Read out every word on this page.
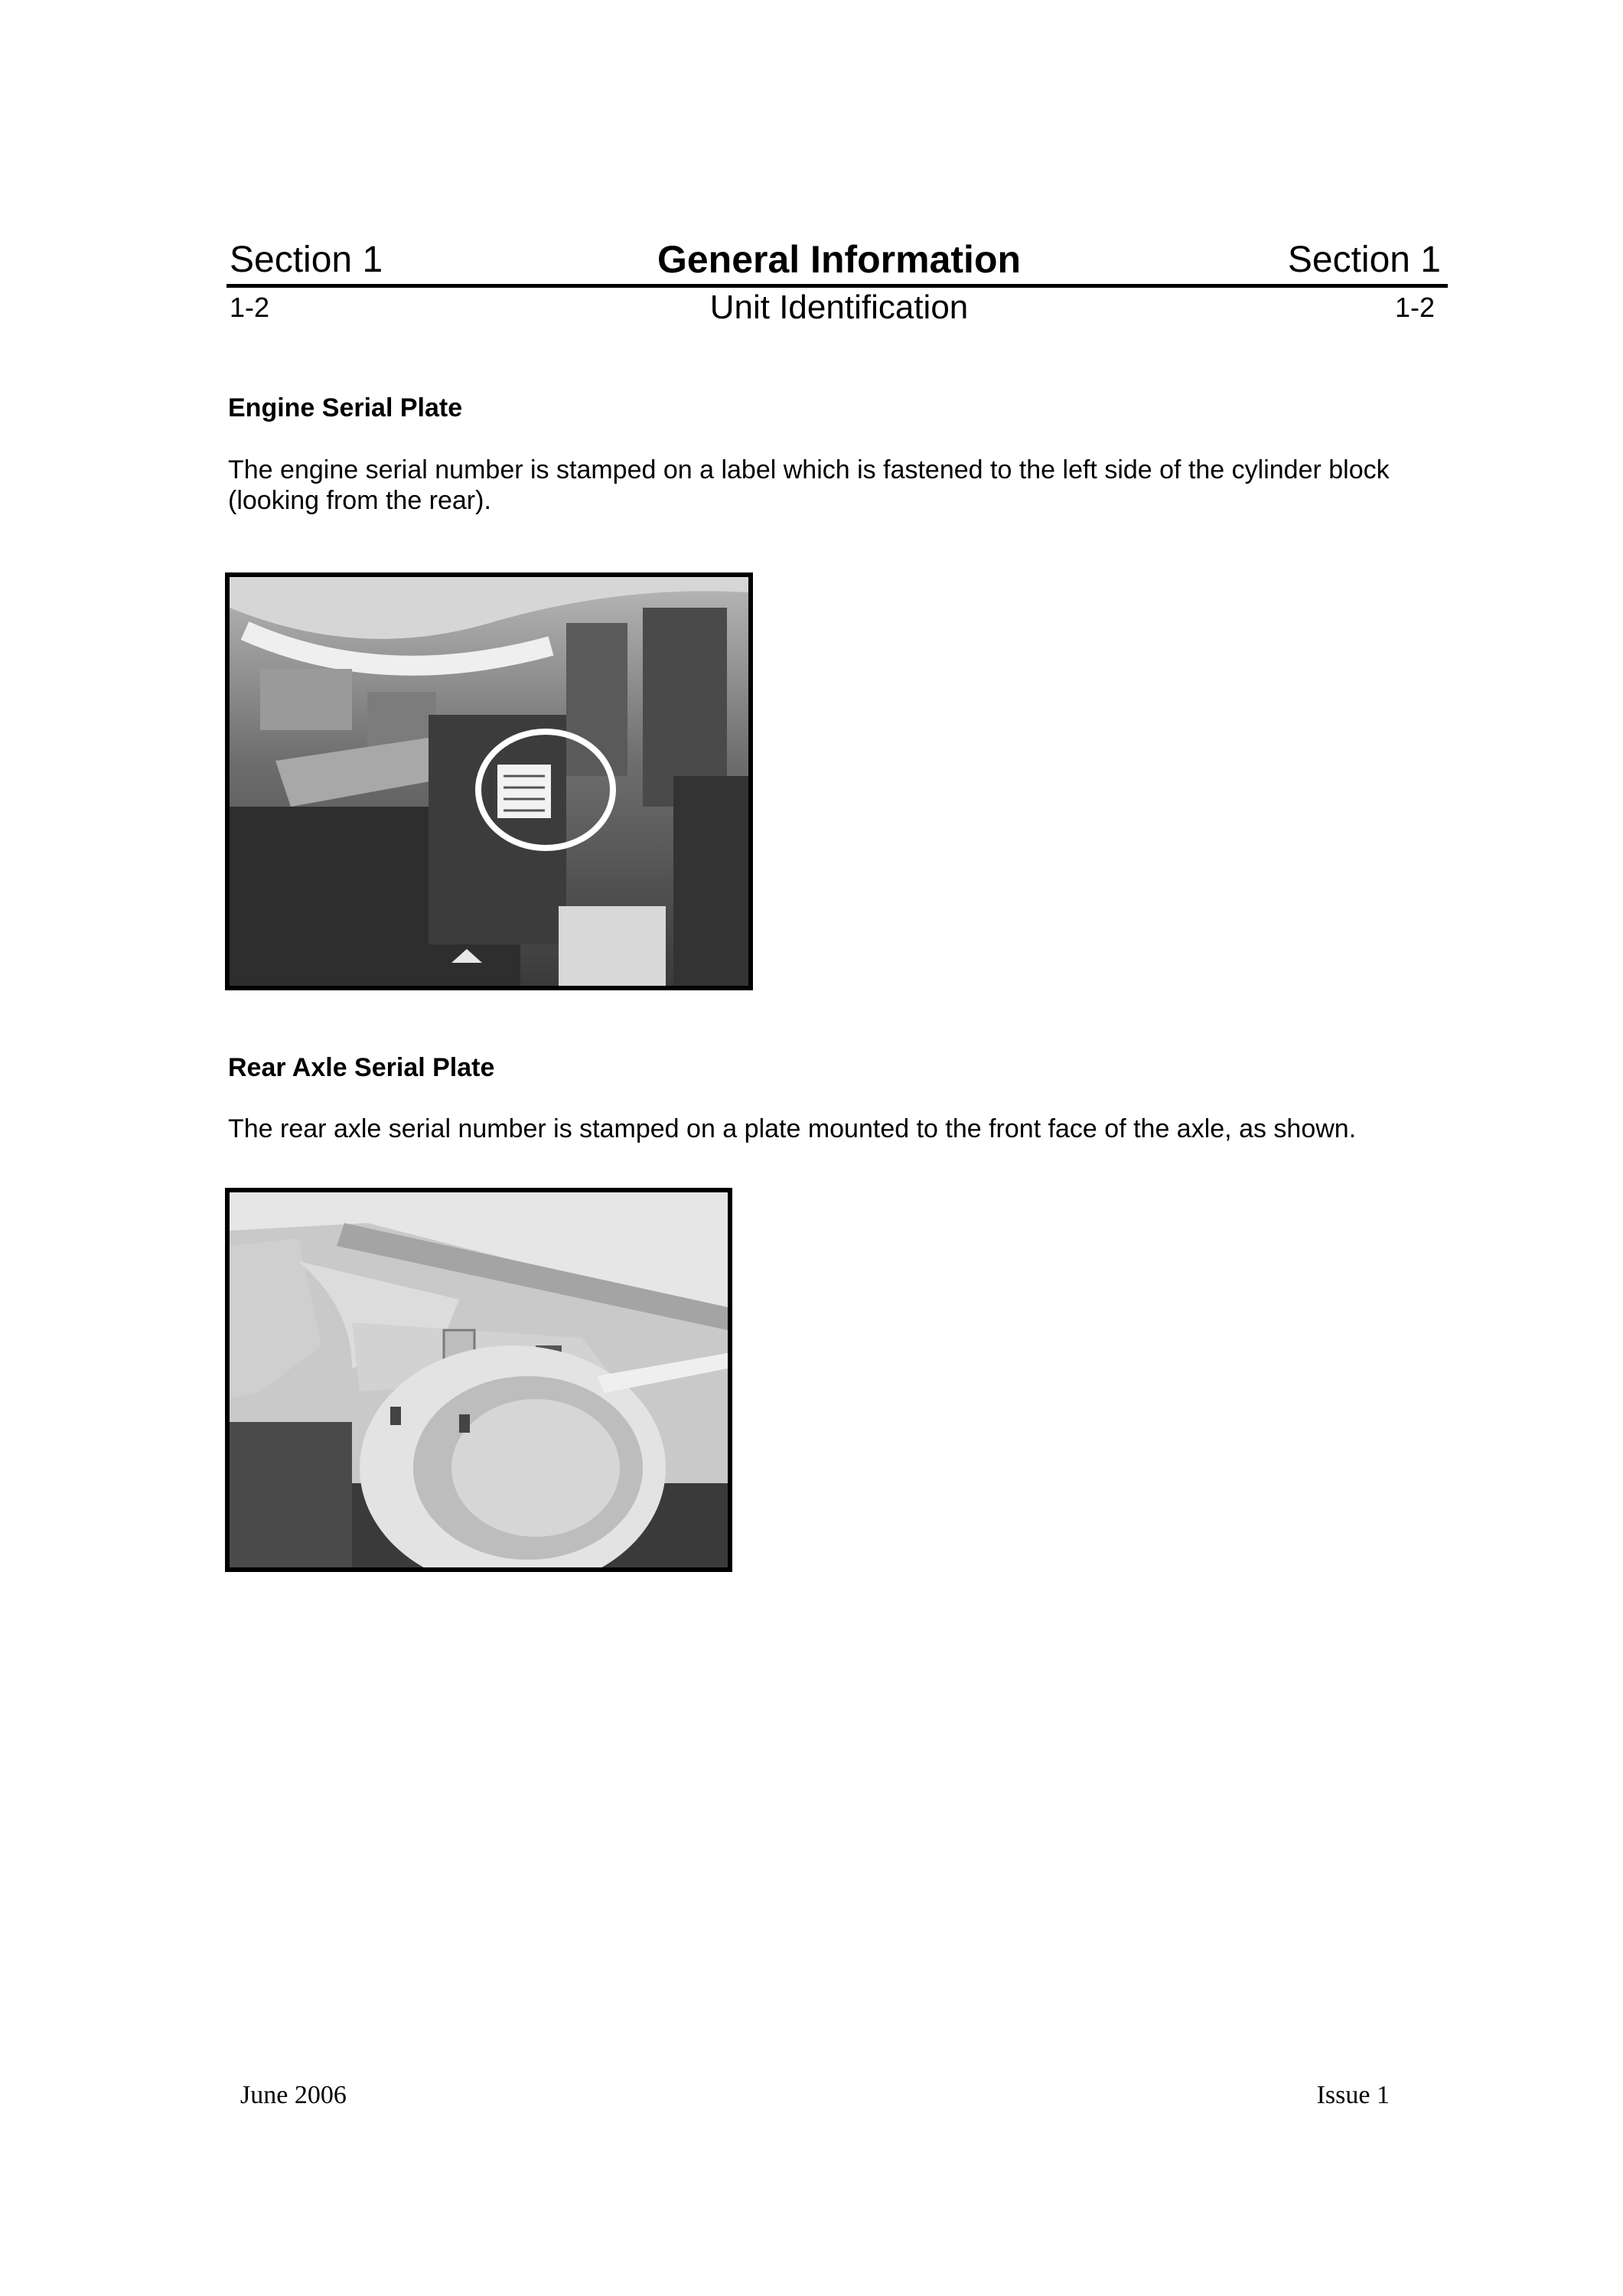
Section 1	General Information	Section 1
1-2	Unit Identification	1-2
Engine Serial Plate
The engine serial number is stamped on a label which is fastened to the left side of the cylinder block (looking from the rear).
Rear Axle Serial Plate
The rear axle serial number is stamped on a plate mounted to the front face of the axle, as shown.
June 2006	Issue 1
